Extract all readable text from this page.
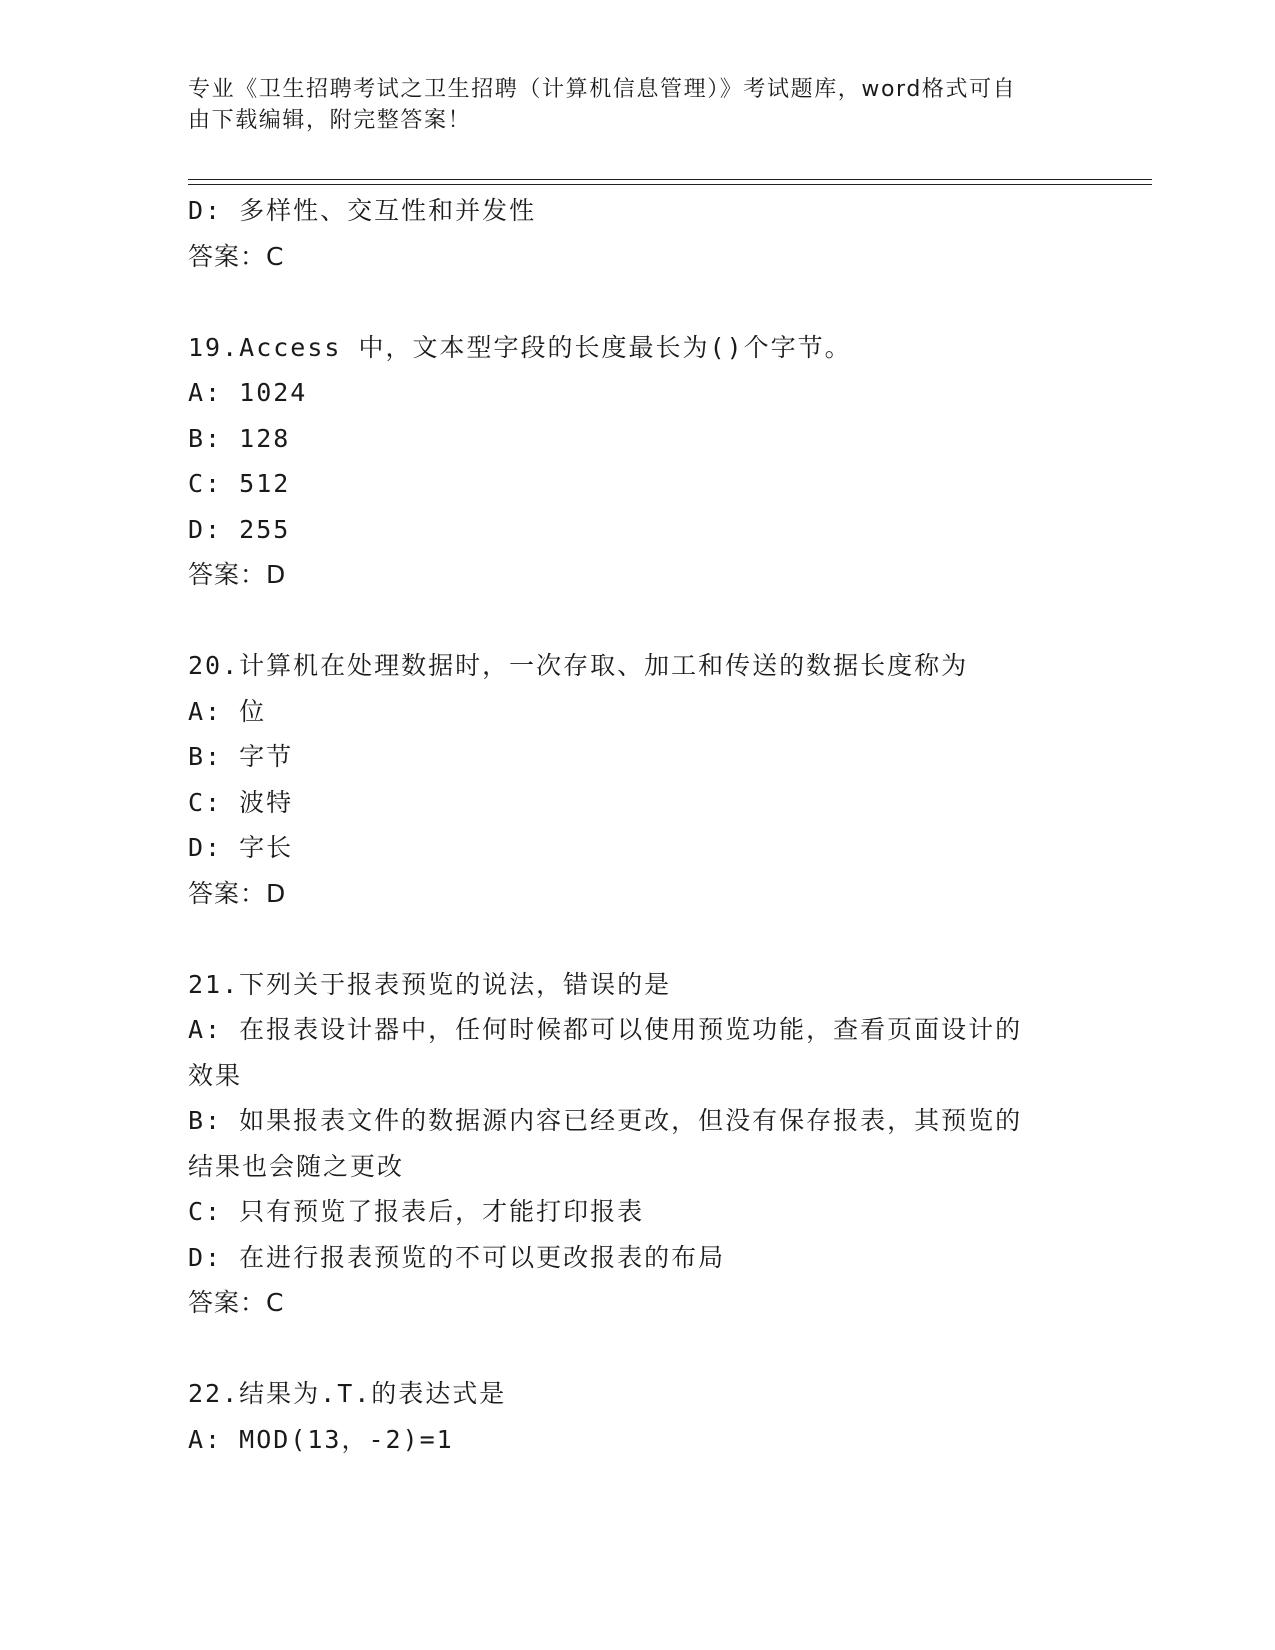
专业《卫生招聘考试之卫生招聘（计算机信息管理）》考试题库，word格式可自
由下载编辑，附完整答案！
D: 多样性、交互性和并发性
答案：C
19.Access 中，文本型字段的长度最长为()个字节。
A: 1024
B: 128
C: 512
D: 255
答案：D
20.计算机在处理数据时，一次存取、加工和传送的数据长度称为
A: 位
B: 字节
C: 波特
D: 字长
答案：D
21.下列关于报表预览的说法，错误的是
A: 在报表设计器中，任何时候都可以使用预览功能，查看页面设计的
效果
B: 如果报表文件的数据源内容已经更改，但没有保存报表，其预览的
结果也会随之更改
C: 只有预览了报表后，才能打印报表
D: 在进行报表预览的不可以更改报表的布局
答案：C
22.结果为.T.的表达式是
A: MOD(13，-2)=1
